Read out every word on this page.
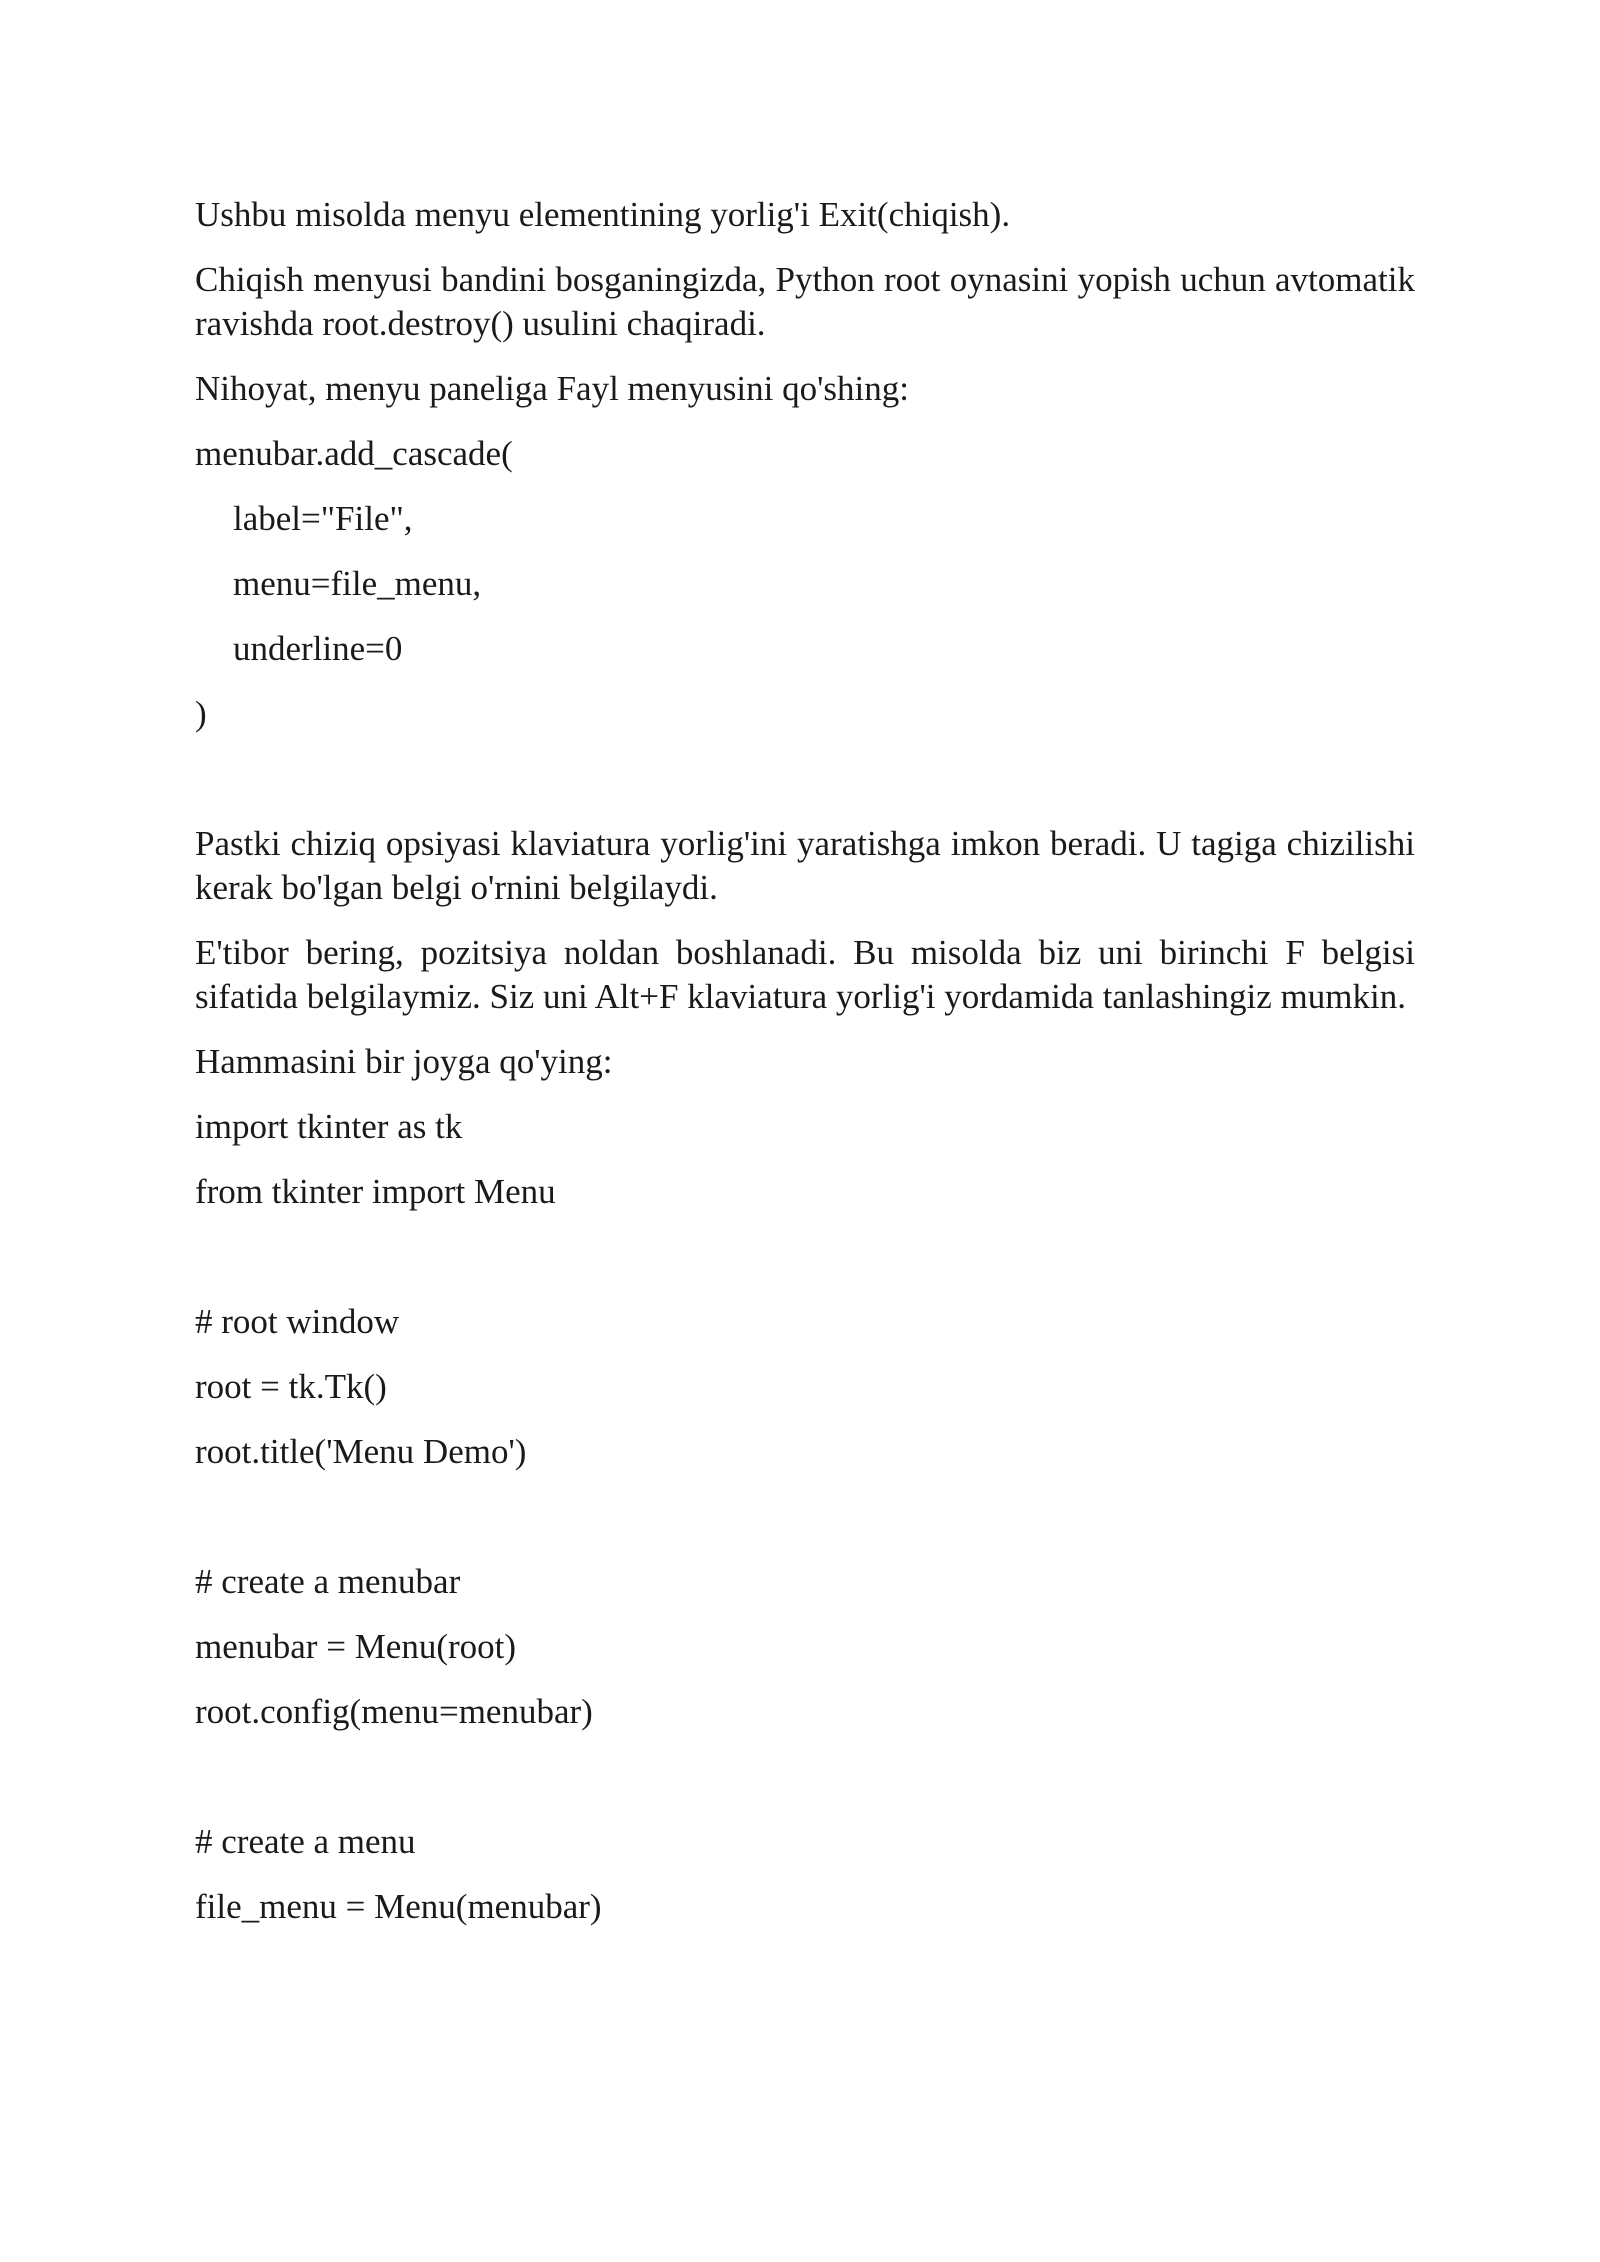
Ushbu misolda menyu elementining yorlig'i Exit(chiqish).

Chiqish menyusi bandini bosganingizda, Python root oynasini yopish uchun avtomatik ravishda root.destroy() usulini chaqiradi.

Nihoyat, menyu paneliga Fayl menyusini qo'shing:

menubar.add_cascade(
label="File",
menu=file_menu,
underline=0
)

Pastki chiziq opsiyasi klaviatura yorlig'ini yaratishga imkon beradi. U tagiga chizilishi kerak bo'lgan belgi o'rnini belgilaydi.

E'tibor bering, pozitsiya noldan boshlanadi. Bu misolda biz uni birinchi F belgisi sifatida belgilaymiz. Siz uni Alt+F klaviatura yorlig'i yordamida tanlashingiz mumkin.

Hammasini bir joyga qo'ying:

import tkinter as tk
from tkinter import Menu
# root window
root = tk.Tk()
root.title('Menu Demo')
# create a menubar
menubar = Menu(root)
root.config(menu=menubar)
# create a menu
file_menu = Menu(menubar)
